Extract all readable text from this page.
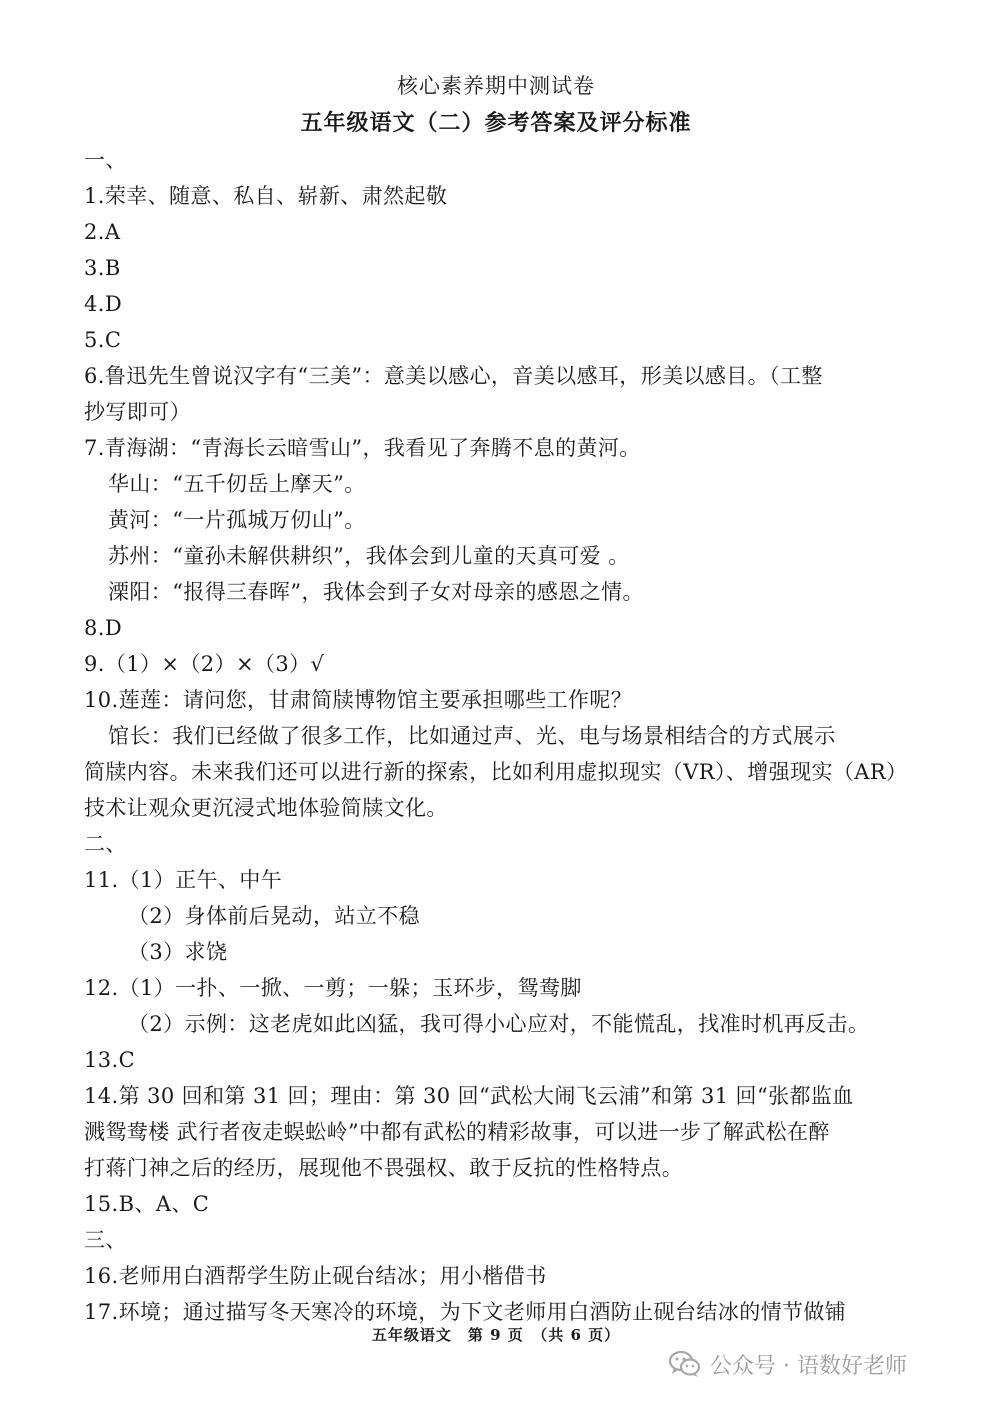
核心素养期中测试卷
五年级语文（二）参考答案及评分标准
一、
1.荣幸、随意、私自、崭新、肃然起敬
2.A
3.B
4.D
5.C
6.鲁迅先生曾说汉字有“三美”：意美以感心，音美以感耳，形美以感目。（工整
抄写即可）
7.青海湖：“青海长云暗雪山”，我看见了奔腾不息的黄河。
华山：“五千仞岳上摩天”。
黄河：“一片孤城万仞山”。
苏州：“童孙未解供耕织”，我体会到儿童的天真可爱 。
溧阳：“报得三春晖”，我体会到子女对母亲的感恩之情。
8.D
9.（1）×（2）×（3）√
10.莲莲：请问您，甘肃简牍博物馆主要承担哪些工作呢？
馆长：我们已经做了很多工作，比如通过声、光、电与场景相结合的方式展示
简牍内容。未来我们还可以进行新的探索，比如利用虚拟现实（VR）、增强现实（AR）
技术让观众更沉浸式地体验简牍文化。
二、
11.（1）正午、中午
（2）身体前后晃动，站立不稳
（3）求饶
12.（1）一扑、一掀、一剪；一躲；玉环步，鸳鸯脚
（2）示例：这老虎如此凶猛，我可得小心应对，不能慌乱，找准时机再反击。
13.C
14.第 30 回和第 31 回；理由：第 30 回“武松大闹飞云浦”和第 31 回“张都监血
溅鸳鸯楼 武行者夜走蜈蚣岭”中都有武松的精彩故事，可以进一步了解武松在醉
打蒋门神之后的经历，展现他不畏强权、敢于反抗的性格特点。
15.B、A、C
三、
16.老师用白酒帮学生防止砚台结冰；用小楷借书
17.环境；通过描写冬天寒冷的环境，为下文老师用白酒防止砚台结冰的情节做铺
五年级语文　第 9 页　（共 6 页）
公众号 · 语数好老师
